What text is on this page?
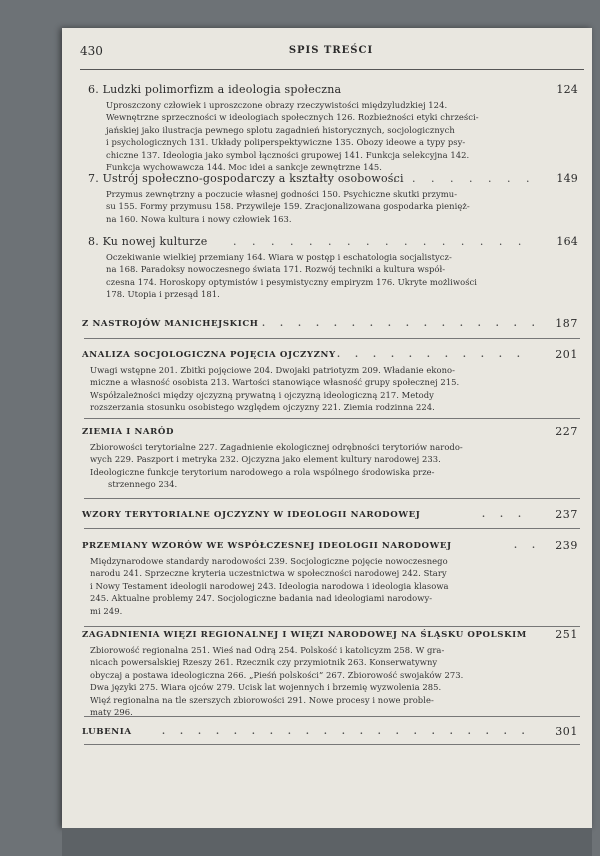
430	SPIS TREŚCI
6. Ludzki polimorfizm a ideologia społeczna	124
Uproszczony człowiek i uproszczone obrazy rzeczywistości międzyludzkiej 124.
Wewnętrzne sprzeczności w ideologiach społecznych 126. Rozbieżności etyki chrześci-
jańskiej jako ilustracja pewnego splotu zagadnień historycznych, socjologicznych
i psychologicznych 131. Układy poliperspektywiczne 135. Obozy ideowe a typy psy-
chiczne 137. Ideologia jako symbol łączności grupowej 141. Funkcja selekcyjna 142.
Funkcja wychowawcza 144. Moc idei a sankcje zewnętrzne 145.
7. Ustrój społeczno-gospodarczy a kształty osobowości . . .	149
Przymus zewnętrzny a poczucie własnej godności 150. Psychiczne skutki przymu-
su 155. Formy przymusu 158. Przywileje 159. Zracjonalizowana gospodarka pienięż-
na 160. Nowa kultura i nowy człowiek 163.
8. Ku nowej kulturze . . .	164
Oczekiwanie wielkiej przemiany 164. Wiara w postęp i eschatologia socjalistycz-
na 168. Paradoksy nowoczesnego świata 171. Rozwój techniki a kultura współ-
czesna 174. Horoskopy optymistów i pesymistyczny empiryzm 176. Ukryte możliwości
178. Utopia i przesąd 181.
Z NASTROJÓW MANICHEJSKICH . . .	187
ANALIZA SOCJOLOGICZNA POJĘCIA OJCZYZNY . . .	201
Uwagi wstępne 201. Zbitki pojęciowe 204. Dwojaki patriotyzm 209. Władanie ekono-
miczne a własność osobista 213. Wartości stanowiące własność grupy społecznej 215.
Współzależności między ojczyzną prywatną i ojczyzną ideologiczną 217. Metody
rozszerzania stosunku osobistego względem ojczyzny 221. Ziemia rodzinna 224.
ZIEMIA I NARÓD	227
Zbiorowości terytorialne 227. Zagadnienie ekologicznej odrębności terytoriów narodo-
wych 229. Paszport i metryka 232. Ojczyzna jako element kultury narodowej 233.
Ideologiczne funkcje terytorium narodowego a rola wspólnego środowiska prze-
strzennego 234.
WZORY TERYTORIALNE OJCZYZNY W IDEOLOGII NARODOWEJ . . .	237
PRZEMIANY WZORÓW WE WSPÓŁCZESNEJ IDEOLOGII NARODOWEJ . . .	239
Międzynarodowe standardy narodowości 239. Socjologiczne pojęcie nowoczesnego
narodu 241. Sprzeczne kryteria uczestnictwa w społeczności narodowej 242. Stary
i Nowy Testament ideologii narodowej 243. Ideologia narodowa i ideologia klasowa
245. Aktualne problemy 247. Socjologiczne badania nad ideologiami narodowy-
mi 249.
ZAGADNIENIA WIĘZI REGIONALNEJ I WIĘZI NARODOWEJ NA ŚLĄSKU OPOLSKIM	251
Zbiorowość regionalna 251. Wieś nad Odrą 254. Polskość i katolicyzm 258. W gra-
nicach powersalskiej Rzeszy 261. Rzecznik czy przymiotnik 263. Konserwatywny
obyczaj a postawa ideologiczna 266. „Pieśń polskości” 267. Zbiorowość swojaków 273.
Dwa języki 275. Wiara ojców 279. Ucisk lat wojennych i brzemię wyzwolenia 285.
Więź regionalna na tle szerszych zbiorowości 291. Nowe procesy i nowe proble-
maty 296.
LUBENIA . . .	301
